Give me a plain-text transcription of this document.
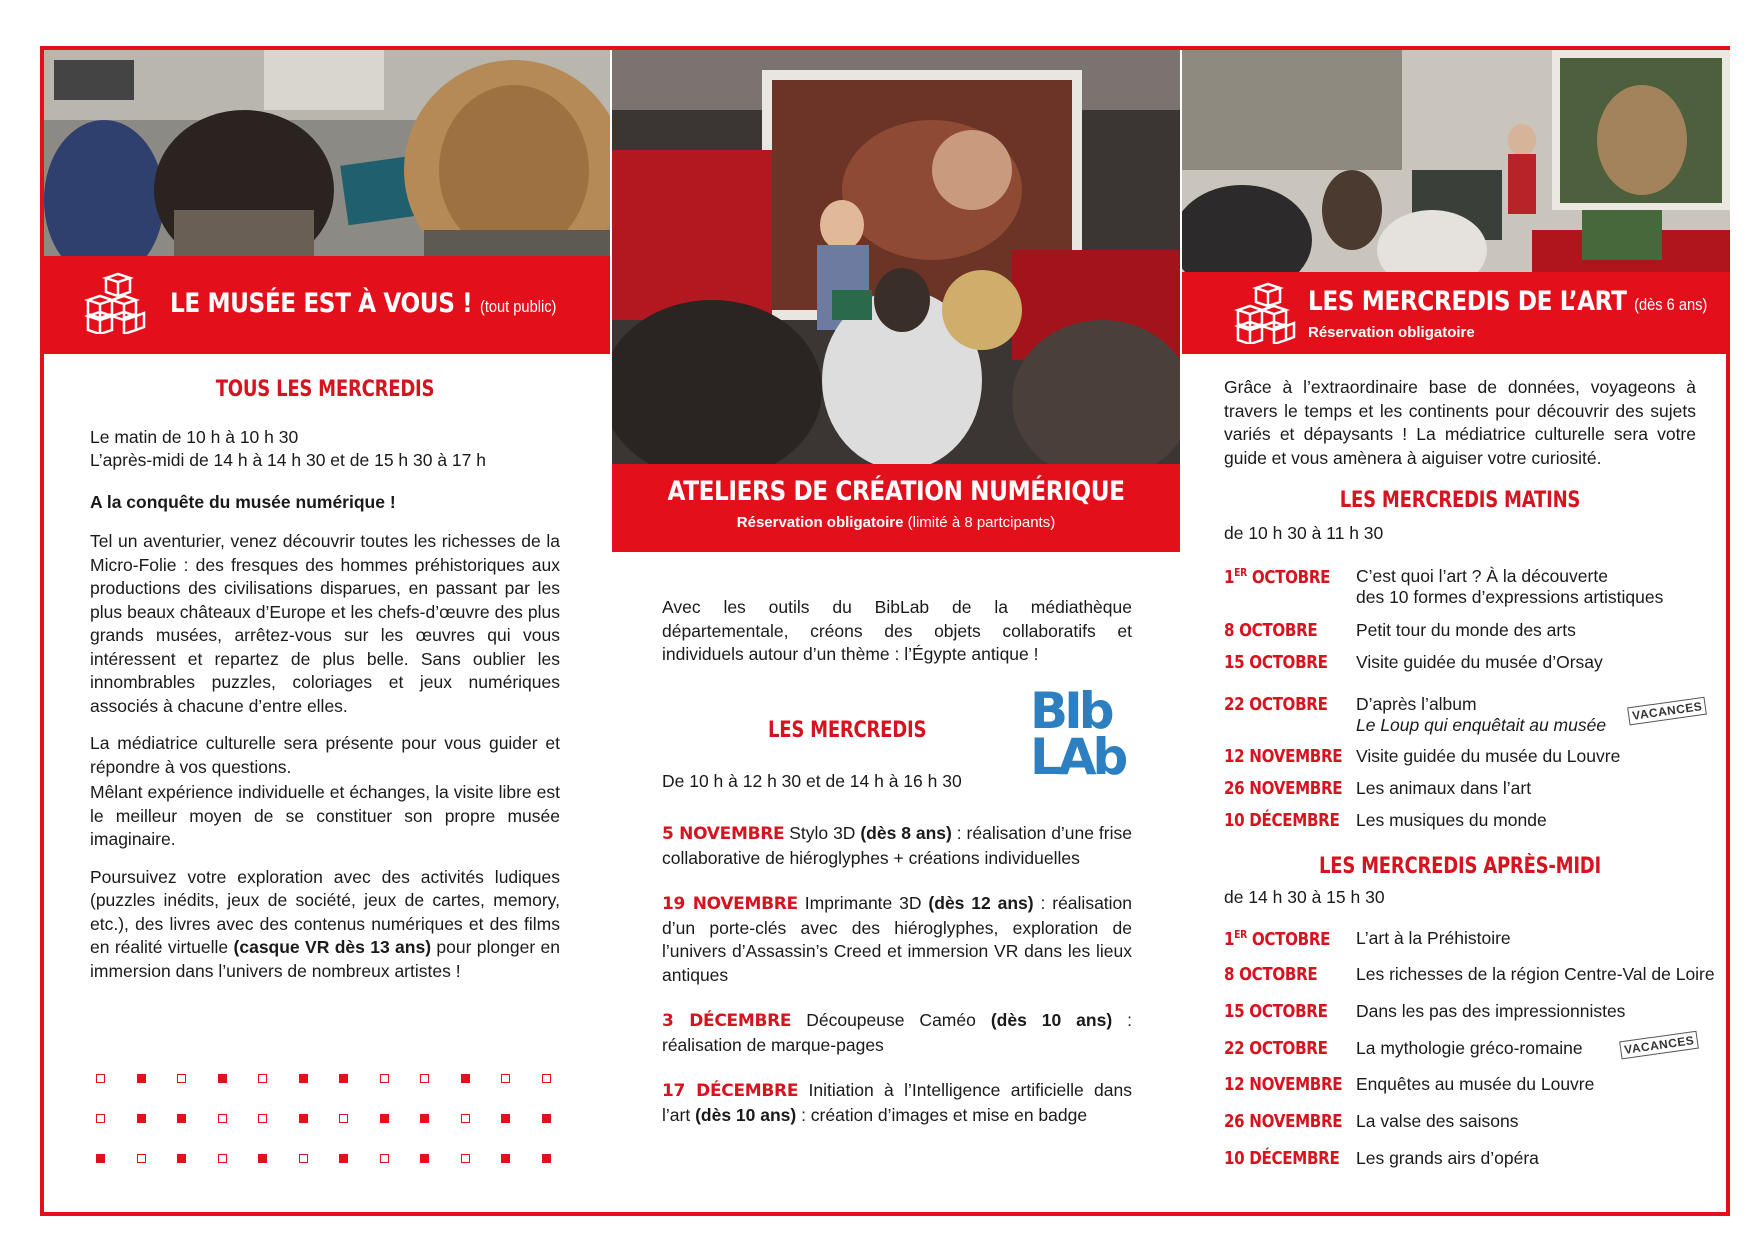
LE MUSÉE EST À VOUS ! (tout public)
TOUS LES MERCREDIS
Le matin de 10 h à 10 h 30
L’après-midi de 14 h à 14 h 30 et de 15 h 30 à 17 h
A la conquête du musée numérique !

Tel un aventurier, venez découvrir toutes les richesses de la Micro-Folie : des fresques des hommes préhistoriques aux productions des civilisations disparues, en passant par les plus beaux châteaux d’Europe et les chefs-d’œuvre des plus grands musées, arrêtez-vous sur les œuvres qui vous intéressent et repartez de plus belle. Sans oublier les innombrables puzzles, coloriages et jeux numériques associés à chacune d’entre elles.

La médiatrice culturelle sera présente pour vous guider et répondre à vos questions.

Mêlant expérience individuelle et échanges, la visite libre est le meilleur moyen de se constituer son propre musée imaginaire.

Poursuivez votre exploration avec des activités ludiques (puzzles inédits, jeux de société, jeux de cartes, memory, etc.), des livres avec des contenus numériques et des films en réalité virtuelle (casque VR dès 13 ans) pour plonger en immersion dans l’univers de nombreux artistes !

ATELIERS DE CRÉATION NUMÉRIQUE
Réservation obligatoire (limité à 8 partcipants)
Avec les outils du BibLab de la médiathèque départementale, créons des objets collaboratifs et individuels autour d’un thème : l’Égypte antique !
LES MERCREDIS BIb
LAb
De 10 h à 12 h 30 et de 14 h à 16 h 30

5 NOVEMBRE Stylo 3D (dès 8 ans) : réalisation d’une frise collaborative de hiéroglyphes + créations individuelles

19 NOVEMBRE Imprimante 3D (dès 12 ans) : réalisation d’un porte-clés avec des hiéroglyphes, exploration de l’univers d’Assassin’s Creed et immersion VR dans les lieux antiques

3 DÉCEMBRE Découpeuse Caméo (dès 10 ans) : réalisation de marque-pages

17 DÉCEMBRE Initiation à l’Intelligence artificielle dans l’art (dès 10 ans) : création d’images et mise en badge

LES MERCREDIS DE L’ART (dès 6 ans)
Réservation obligatoire
Grâce à l’extraordinaire base de données, voyageons à travers le temps et les continents pour découvrir des sujets variés et dépaysants ! La médiatrice culturelle sera votre guide et vous amènera à aiguiser votre curiosité.
LES MERCREDIS MATINS
de 10 h 30 à 11 h 30
1ER OCTOBRE C’est quoi l’art ? À la découverte
des 10 formes d’expressions artistiques
8 OCTOBRE Petit tour du monde des arts
15 OCTOBRE Visite guidée du musée d’Orsay
22 OCTOBRE D’après l’album
Le Loup qui enquêtait au musée
VACANCES
12 NOVEMBRE Visite guidée du musée du Louvre
26 NOVEMBRE Les animaux dans l’art
10 DÉCEMBRE Les musiques du monde
LES MERCREDIS APRÈS-MIDI
de 14 h 30 à 15 h 30
1ER OCTOBRE L’art à la Préhistoire
8 OCTOBRE Les richesses de la région Centre-Val de Loire
15 OCTOBRE Dans les pas des impressionnistes
22 OCTOBRE La mythologie gréco-romaine	VACANCES
12 NOVEMBRE Enquêtes au musée du Louvre
26 NOVEMBRE La valse des saisons
10 DÉCEMBRE Les grands airs d’opéra
